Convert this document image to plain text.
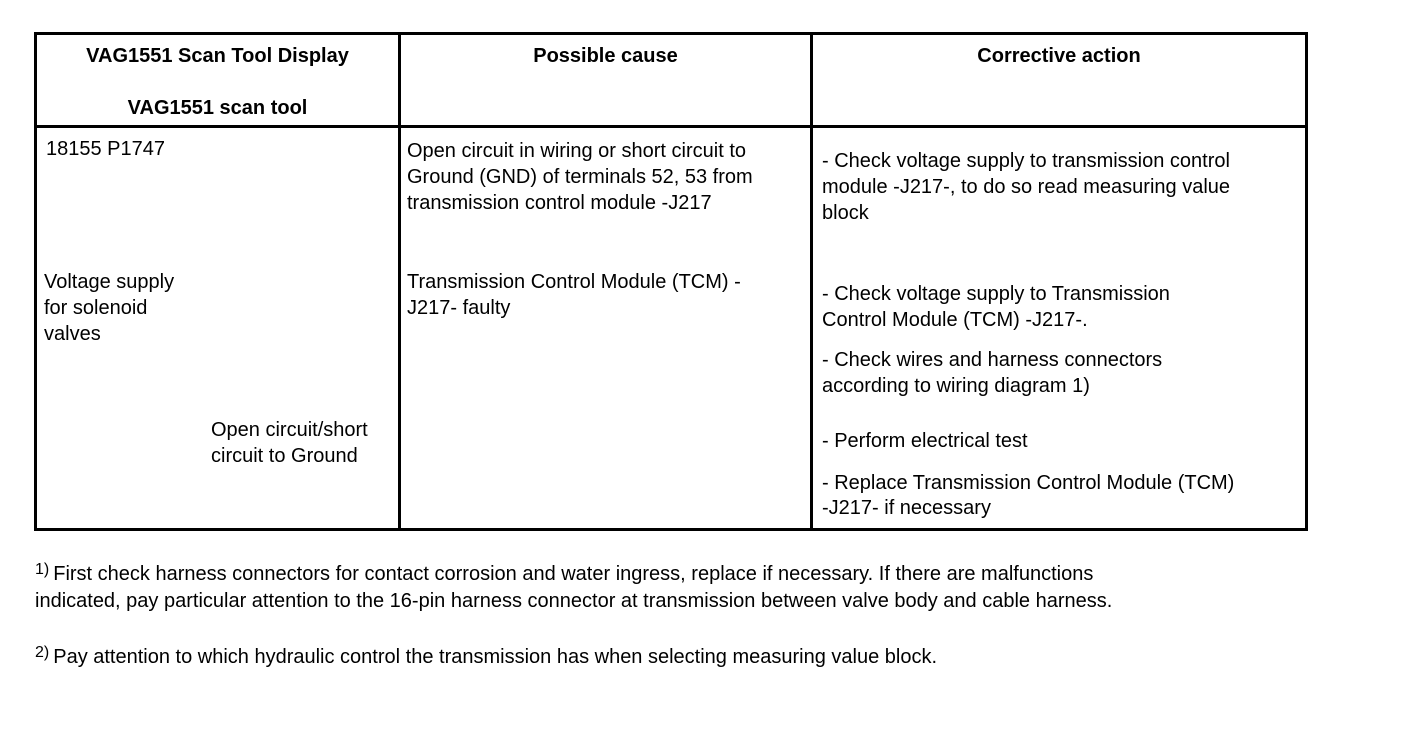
VAG1551 Scan Tool Display
VAG1551 scan tool
Possible cause	Corrective action
18155 P1747
Voltage supply
for solenoid
valves
Open circuit/short
circuit to Ground
Open circuit in wiring or short circuit to
Ground (GND) of terminals 52, 53 from
transmission control module -J217
Transmission Control Module (TCM) -
J217- faulty
- Check voltage supply to transmission control
module -J217-, to do so read measuring value
block
- Check voltage supply to Transmission
Control Module (TCM) -J217-.
- Check wires and harness connectors
according to wiring diagram 1)
- Perform electrical test
- Replace Transmission Control Module (TCM)
-J217- if necessary
$^{1)}$ First check harness connectors for contact corrosion and water ingress, replace if necessary. If there are malfunctions
indicated, pay particular attention to the 16-pin harness connector at transmission between valve body and cable harness.
$^{2)}$ Pay attention to which hydraulic control the transmission has when selecting measuring value block.
